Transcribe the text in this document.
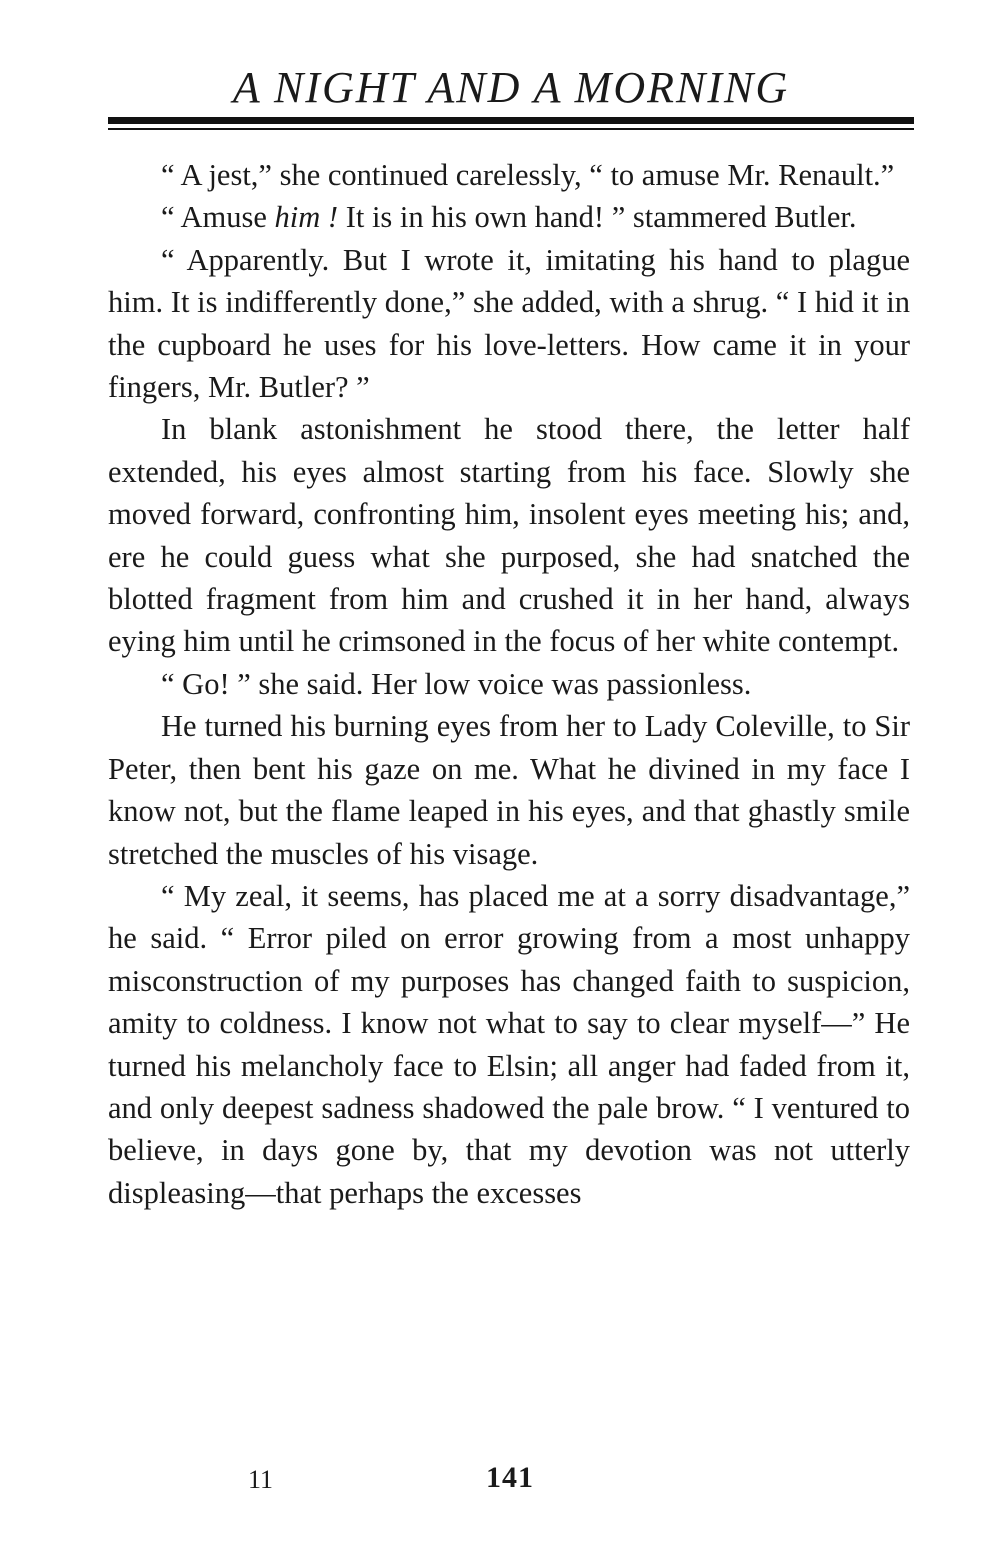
A NIGHT AND A MORNING

“ A jest,” she continued carelessly, “ to amuse Mr. Renault.”

“ Amuse him ! It is in his own hand! ” stammered Butler.

“ Apparently. But I wrote it, imitating his hand to plague him. It is indifferently done,” she added, with a shrug. “ I hid it in the cupboard he uses for his love-letters. How came it in your fingers, Mr. Butler? ”

In blank astonishment he stood there, the letter half extended, his eyes almost starting from his face. Slowly she moved forward, confronting him, insolent eyes meeting his; and, ere he could guess what she purposed, she had snatched the blotted fragment from him and crushed it in her hand, always eying him until he crimsoned in the focus of her white contempt.

“ Go! ” she said. Her low voice was passionless.

He turned his burning eyes from her to Lady Coleville, to Sir Peter, then bent his gaze on me. What he divined in my face I know not, but the flame leaped in his eyes, and that ghastly smile stretched the muscles of his visage.

“ My zeal, it seems, has placed me at a sorry disadvantage,” he said. “ Error piled on error growing from a most unhappy misconstruction of my purposes has changed faith to suspicion, amity to coldness. I know not what to say to clear myself—” He turned his melancholy face to Elsin; all anger had faded from it, and only deepest sadness shadowed the pale brow. “ I ventured to believe, in days gone by, that my devotion was not utterly displeasing—that perhaps the excesses

11	141
